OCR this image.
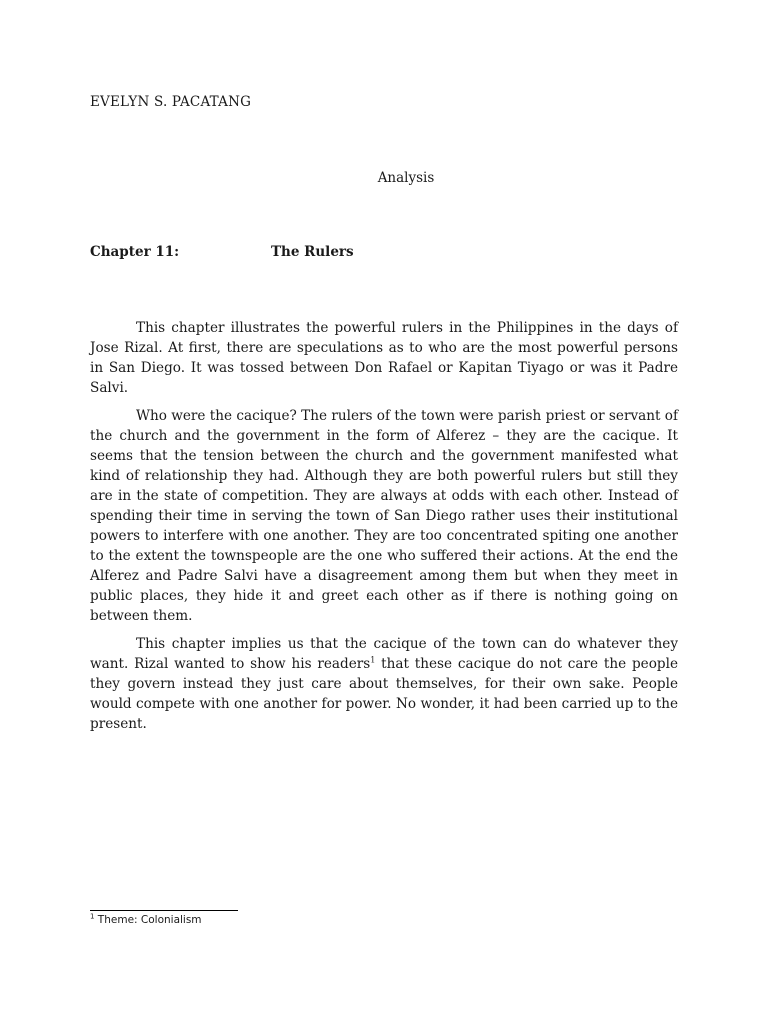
EVELYN S. PACATANG
Analysis
Chapter 11:	The Rulers

This chapter illustrates the powerful rulers in the Philippines in the days of Jose Rizal. At first, there are speculations as to who are the most powerful persons in San Diego. It was tossed between Don Rafael or Kapitan Tiyago or was it Padre Salvi.

Who were the cacique? The rulers of the town were parish priest or servant of the church and the government in the form of Alferez – they are the cacique. It seems that the tension between the church and the government manifested what kind of relationship they had. Although they are both powerful rulers but still they are in the state of competition. They are always at odds with each other. Instead of spending their time in serving the town of San Diego rather uses their institutional powers to interfere with one another. They are too concentrated spiting one another to the extent the townspeople are the one who suffered their actions. At the end the Alferez and Padre Salvi have a disagreement among them but when they meet in public places, they hide it and greet each other as if there is nothing going on between them.

This chapter implies us that the cacique of the town can do whatever they want. Rizal wanted to show his readers$^1$ that these cacique do not care the people they govern instead they just care about themselves, for their own sake. People would compete with one another for power. No wonder, it had been carried up to the present.

$^1$ Theme: Colonialism
